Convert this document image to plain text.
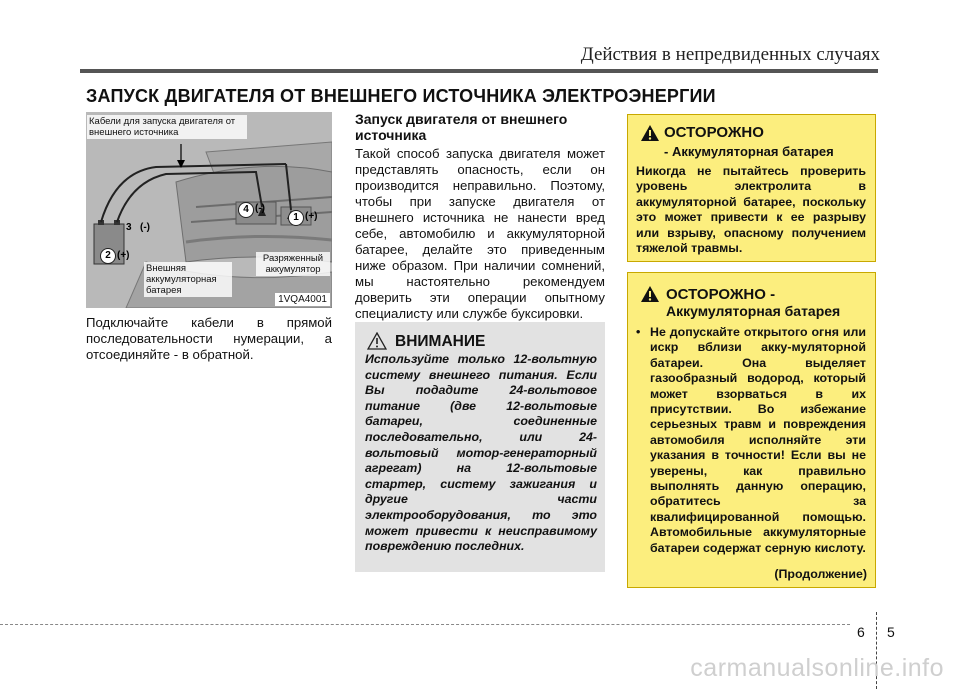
Действия в непредвиденных случаях
ЗАПУСК ДВИГАТЕЛЯ ОТ ВНЕШНЕГО ИСТОЧНИКА ЭЛЕКТРОЭНЕРГИИ
Кабели для запуска двигателя от внешнего источника
1 (+)
2 (+)
3 (-)
4 (-)
Внешняя аккумуляторная батарея
Разряженный аккумулятор
1VQA4001
Подключайте кабели в прямой последовательности нумерации, а отсоединяйте - в обратной.
Запуск двигателя от внешнего источника
Такой способ запуска двигателя может представлять опасность, если он производится неправильно. Поэтому, чтобы при запуске двигателя от внешнего источника не нанести вред себе, автомобилю и аккумуляторной батарее, делайте это приведенным ниже образом. При наличии сомнений, мы настоятельно рекомендуем доверить эти операции опытному специалисту или службе буксировки.
ВНИМАНИЕ
Используйте только 12-вольтную систему внешнего питания. Если Вы подадите 24-вольтовое питание (две 12-вольтовые батареи, соединенные последовательно, или 24-вольтовый мотор-генераторный агрегат) на 12-вольтовые стартер, систему зажигания и другие части электрооборудования, то это может привести к неисправимому повреждению последних.
ОСТОРОЖНО
- Аккумуляторная батарея
Никогда не пытайтесь проверить уровень электролита в аккумуляторной батарее, поскольку это может привести к ее разрыву или взрыву, опасному получением тяжелой травмы.
ОСТОРОЖНО -
Аккумуляторная батарея
• Не допускайте открытого огня или искр вблизи акку-муляторной батареи. Она выделяет газообразный водород, который может взорваться в их присутствии. Во избежание серьезных травм и повреждения автомобиля исполняйте эти указания в точности! Если вы не уверены, как правильно выполнять данную операцию, обратитесь за квалифицированной помощью. Автомобильные аккумуляторные батареи содержат серную кислоту.
(Продолжение)
6 5
carmanualsonline.info
